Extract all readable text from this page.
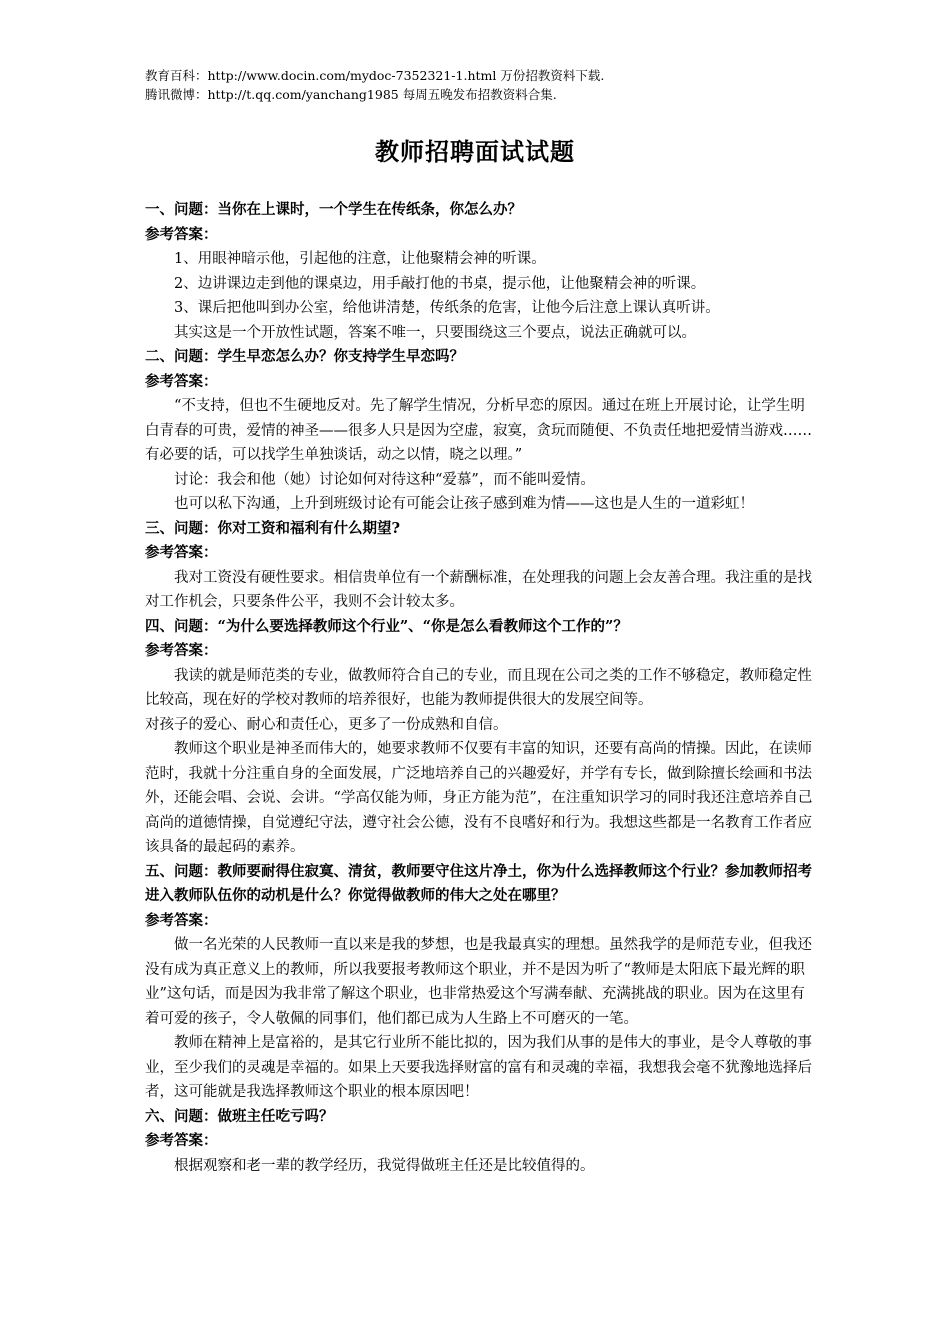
教育百科：http://www.docin.com/mydoc-7352321-1.html 万份招教资料下载.
腾讯微博：http://t.qq.com/yanchang1985 每周五晚发布招教资料合集.
教师招聘面试试题
一、问题：当你在上课时，一个学生在传纸条，你怎么办？
参考答案：
1、用眼神暗示他，引起他的注意，让他聚精会神的听课。
2、边讲课边走到他的课桌边，用手敲打他的书桌，提示他，让他聚精会神的听课。
3、课后把他叫到办公室，给他讲清楚，传纸条的危害，让他今后注意上课认真听讲。
其实这是一个开放性试题，答案不唯一，只要围绕这三个要点，说法正确就可以。
二、问题：学生早恋怎么办？你支持学生早恋吗？
参考答案：
“不支持，但也不生硬地反对。先了解学生情况，分析早恋的原因。通过在班上开展讨论，让学生明白青春的可贵，爱情的神圣——很多人只是因为空虚，寂寞，贪玩而随便、不负责任地把爱情当游戏……有必要的话，可以找学生单独谈话，动之以情，晓之以理。”
讨论：我会和他（她）讨论如何对待这种“爱慕”，而不能叫爱情。
也可以私下沟通，上升到班级讨论有可能会让孩子感到难为情——这也是人生的一道彩虹！
三、问题：你对工资和福利有什么期望?
参考答案：
我对工资没有硬性要求。相信贵单位有一个薪酬标准，在处理我的问题上会友善合理。我注重的是找对工作机会，只要条件公平，我则不会计较太多。
四、问题：“为什么要选择教师这个行业”、“你是怎么看教师这个工作的”？
参考答案：
我读的就是师范类的专业，做教师符合自己的专业，而且现在公司之类的工作不够稳定，教师稳定性比较高，现在好的学校对教师的培养很好，也能为教师提供很大的发展空间等。
对孩子的爱心、耐心和责任心，更多了一份成熟和自信。
教师这个职业是神圣而伟大的，她要求教师不仅要有丰富的知识，还要有高尚的情操。因此，在读师范时，我就十分注重自身的全面发展，广泛地培养自己的兴趣爱好，并学有专长，做到除擅长绘画和书法外，还能会唱、会说、会讲。“学高仅能为师，身正方能为范”，在注重知识学习的同时我还注意培养自己高尚的道德情操，自觉遵纪守法，遵守社会公德，没有不良嗜好和行为。我想这些都是一名教育工作者应该具备的最起码的素养。
五、问题：教师要耐得住寂寞、清贫，教师要守住这片净土，你为什么选择教师这个行业？参加教师招考进入教师队伍你的动机是什么？你觉得做教师的伟大之处在哪里？
参考答案：
做一名光荣的人民教师一直以来是我的梦想，也是我最真实的理想。虽然我学的是师范专业，但我还没有成为真正意义上的教师，所以我要报考教师这个职业，并不是因为听了“教师是太阳底下最光辉的职业”这句话，而是因为我非常了解这个职业，也非常热爱这个写满奉献、充满挑战的职业。因为在这里有着可爱的孩子，令人敬佩的同事们，他们都已成为人生路上不可磨灭的一笔。
教师在精神上是富裕的，是其它行业所不能比拟的，因为我们从事的是伟大的事业，是令人尊敬的事业，至少我们的灵魂是幸福的。如果上天要我选择财富的富有和灵魂的幸福，我想我会毫不犹豫地选择后者，这可能就是我选择教师这个职业的根本原因吧！
六、问题：做班主任吃亏吗？
参考答案：
根据观察和老一辈的教学经历，我觉得做班主任还是比较值得的。
